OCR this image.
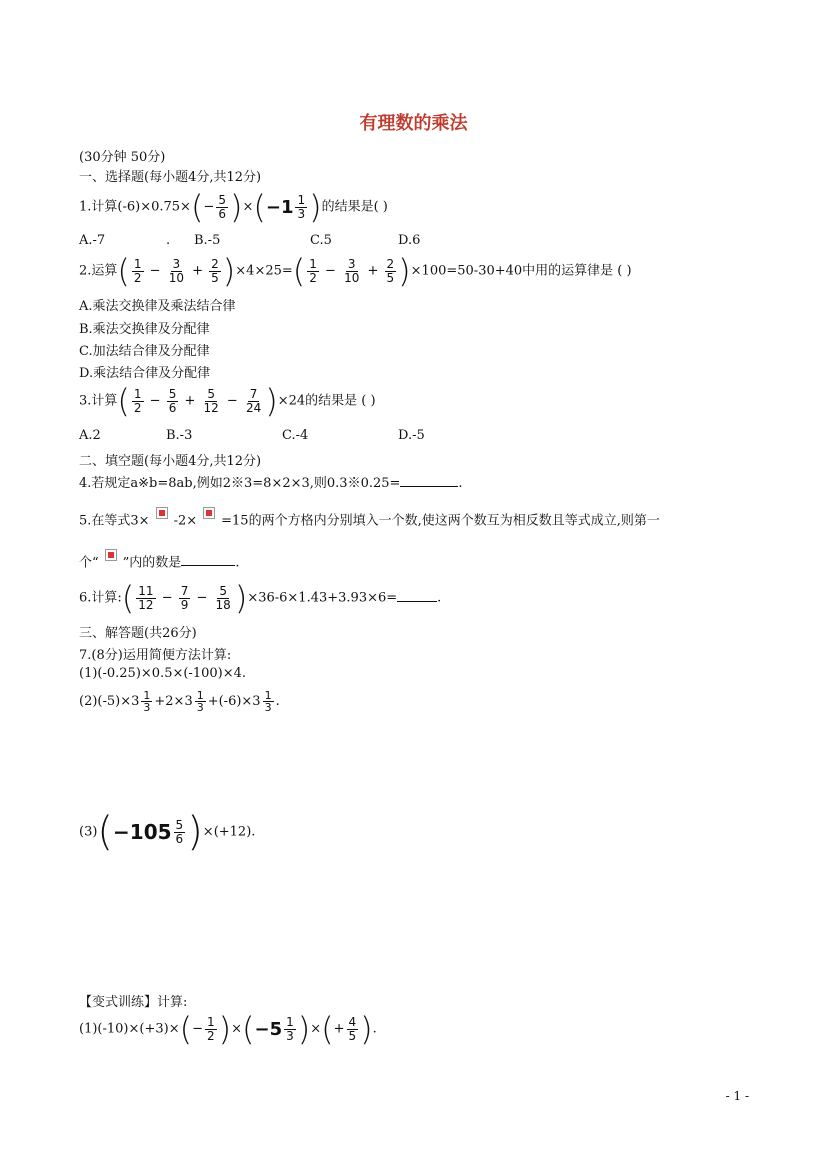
有理数的乘法
(30分钟 50分)
一、选择题(每小题4分,共12分)
1.计算$(-6)\times 0.75\times(- \frac{5}{6} )\times(-1 \frac{1}{3}$ )的结果是( )
A.-7	. B.-5	C.5	D.6
2.运算( $\frac{1}{2} - \frac{3}{10} + \frac{2}{5} )\times 4\times 25=( \frac{1}{2} - \frac{3}{10} + \frac{2}{5} )\times 100=50-30+40$中用的运算律是 ( )
A.乘法交换律及乘法结合律
B.乘法交换律及分配律
C.加法结合律及分配律
D.乘法结合律及分配律
3.计算( $\frac{1}{2} - \frac{5}{6} + \frac{5}{12} - \frac{7}{24} )\times 24$的结果是 ( )
A.2	B.-3	C.-4	D.-5
二、填空题(每小题4分,共12分)
4.若规定a※b=8ab,例如2※3=8×2×3,则0.3※0.25=	.
5.在等式3× -2× =15的两个方格内分别填入一个数,使这两个数互为相反数且等式成立,则第一
个“ ”内的数是	.
6.计算:( $\frac{11}{12} - \frac{7}{9} - \frac{5}{18} )\times 36-6\times 1.43+3.93\times 6=$	.
三、解答题(共26分)
7.(8分)运用简便方法计算:
(1)(-0.25)×0.5×(-100)×4.
$(2)(-5)\times 3 \frac{1}{3} +2\times 3 \frac{1}{3} +(-6)\times 3 \frac{1}{3}$ .
$(3)(-105 \frac{5}{6} )\times(+12)$.
【变式训练】计算:
$(1)(-10)\times(+3)\times(- \frac{1}{2} )\times(-5 \frac{1}{3}$ )×(+ $\frac{4}{5}$ ).
- 1 -
